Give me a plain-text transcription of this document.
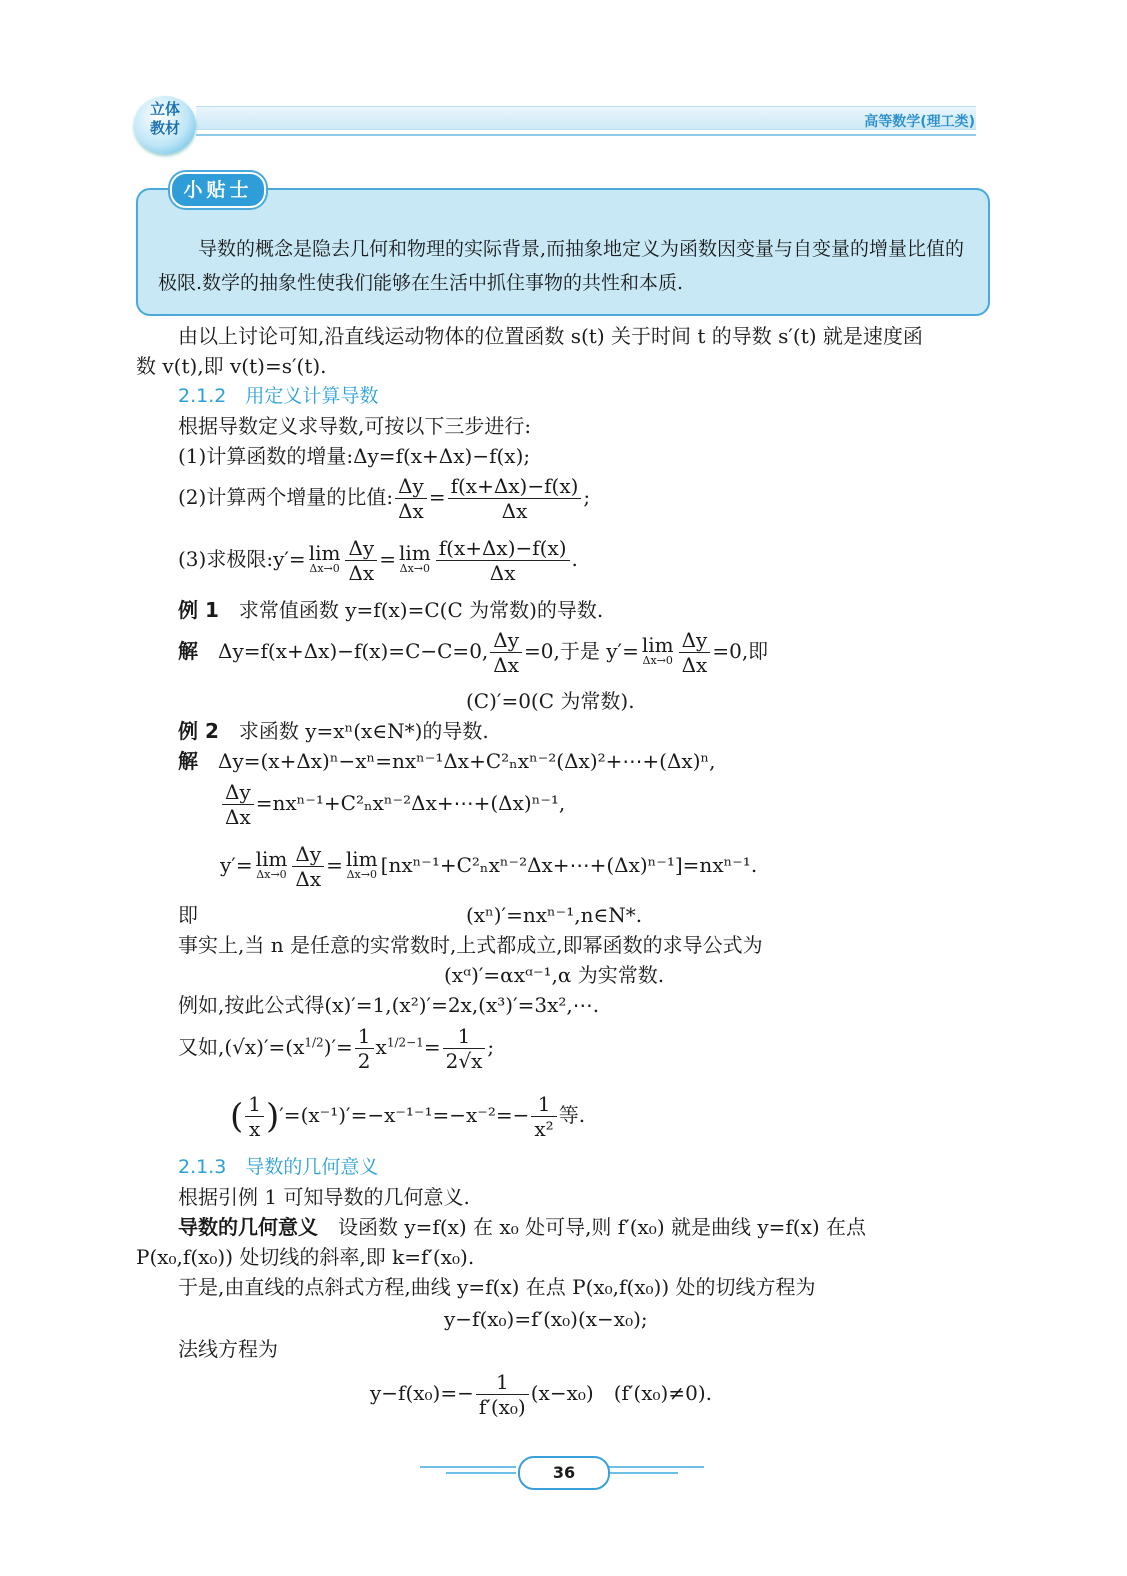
立体
教材	高等数学(理工类)
小贴士
导数的概念是隐去几何和物理的实际背景,而抽象地定义为函数因变量与自变量的增量比值的极限.数学的抽象性使我们能够在生活中抓住事物的共性和本质.
由以上讨论可知,沿直线运动物体的位置函数 s(t) 关于时间 t 的导数 s′(t) 就是速度函
数 v(t),即 v(t)=s′(t).
2.1.2　用定义计算导数
根据导数定义求导数,可按以下三步进行:
(1)计算函数的增量:Δy=f(x+Δx)−f(x);
(2)计算两个增量的比值: $\frac{\Delta y}{\Delta x} = \frac{f(x+\Delta x)-f(x)}{\Delta x}$ ;
(3)求极限:y′= lim
$\Delta x\to 0 \frac{\Delta y}{\Delta x} = \lim$
$\Delta x\to 0 \frac{f(x+\Delta x)-f(x)}{\Delta x}$ .
例 1　求常值函数 y=f(x)=C(C 为常数)的导数.
解　Δy=f(x+Δx)−f(x)=C−C=0, $\frac{\Delta y}{\Delta x} =0$,于是 y′= lim
$\Delta x\to 0 \frac{\Delta y}{\Delta x} =0$,即
(C)′=0(C 为常数).
例 2　求函数 y=xⁿ(x∈N*)的导数.
解　Δy=(x+Δx)ⁿ−xⁿ=nxⁿ⁻¹Δx+C²ₙxⁿ⁻²(Δx)²+⋯+(Δx)ⁿ,
$\frac{\Delta y}{\Delta x}$ =nxⁿ⁻¹+C²ₙxⁿ⁻²Δx+⋯+(Δx)ⁿ⁻¹,
y′= lim
$\Delta x\to 0 \frac{\Delta y}{\Delta x} = \lim$
Δx→0 [nxⁿ⁻¹+C²ₙxⁿ⁻²Δx+⋯+(Δx)ⁿ⁻¹]=nxⁿ⁻¹.
即	(xⁿ)′=nxⁿ⁻¹,n∈N*.
事实上,当 n 是任意的实常数时,上式都成立,即幂函数的求导公式为
(xᵅ)′=αxᵅ⁻¹,α 为实常数.
例如,按此公式得(x)′=1,(x²)′=2x,(x³)′=3x²,⋯.
又如$,(√x)'=(x^{1/2})'= \frac{1}{2} x^{1/2-1}= \frac{1}{2√x}$ ;
( $\frac{1}{x} )'=(x^{-1})'=-x^{-1-1}=-x^{-2}=- \frac{1}{\text{x²}}$ 等.
2.1.3　导数的几何意义
根据引例 1 可知导数的几何意义.
导数的几何意义　设函数 y=f(x) 在 x₀ 处可导,则 f′(x₀) 就是曲线 y=f(x) 在点
P(x₀,f(x₀)) 处切线的斜率,即 k=f′(x₀).
于是,由直线的点斜式方程,曲线 y=f(x) 在点 P(x₀,f(x₀)) 处的切线方程为
y−f(x₀)=f′(x₀)(x−x₀);
法线方程为
$y-f(x_0)=- \frac{1}{\text{f′(x₀)}} (x-x_0)$　(f′(x₀)≠0).
36
